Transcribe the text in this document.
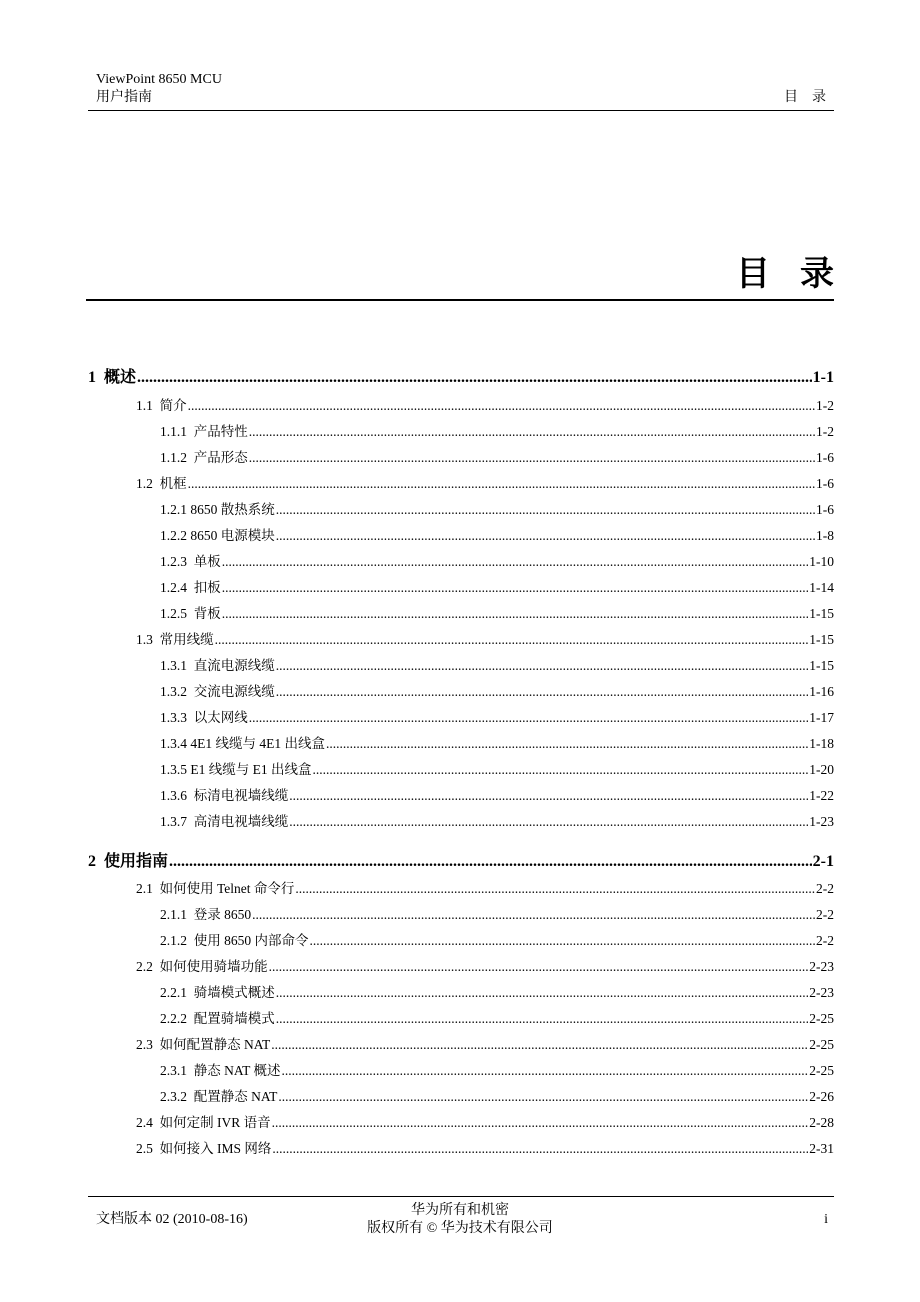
ViewPoint 8650 MCU
用户指南	目录
目录
1  概述 .....	1-1
1.1  简介 .....	1-2
1.1.1  产品特性 .....	1-2
1.1.2  产品形态 .....	1-6
1.2  机框 .....	1-6
1.2.1 8650 散热系统 .....	1-6
1.2.2 8650 电源模块 .....	1-8
1.2.3  单板 .....	1-10
1.2.4  扣板 .....	1-14
1.2.5  背板 .....	1-15
1.3  常用线缆 .....	1-15
1.3.1  直流电源线缆 .....	1-15
1.3.2  交流电源线缆 .....	1-16
1.3.3  以太网线 .....	1-17
1.3.4 4E1 线缆与 4E1 出线盒 .....	1-18
1.3.5 E1 线缆与 E1 出线盒 .....	1-20
1.3.6  标清电视墙线缆 .....	1-22
1.3.7  高清电视墙线缆 .....	1-23
2  使用指南 .....	2-1
2.1  如何使用 Telnet 命令行 .....	2-2
2.1.1  登录 8650 .....	2-2
2.1.2  使用 8650 内部命令 .....	2-2
2.2  如何使用骑墙功能 .....	2-23
2.2.1  骑墙模式概述 .....	2-23
2.2.2  配置骑墙模式 .....	2-25
2.3  如何配置静态 NAT .....	2-25
2.3.1  静态 NAT 概述 .....	2-25
2.3.2  配置静态 NAT .....	2-26
2.4  如何定制 IVR 语音 .....	2-28
2.5  如何接入 IMS 网络 .....	2-31
文档版本 02 (2010-08-16)
华为所有和机密
版权所有 © 华为技术有限公司
i
